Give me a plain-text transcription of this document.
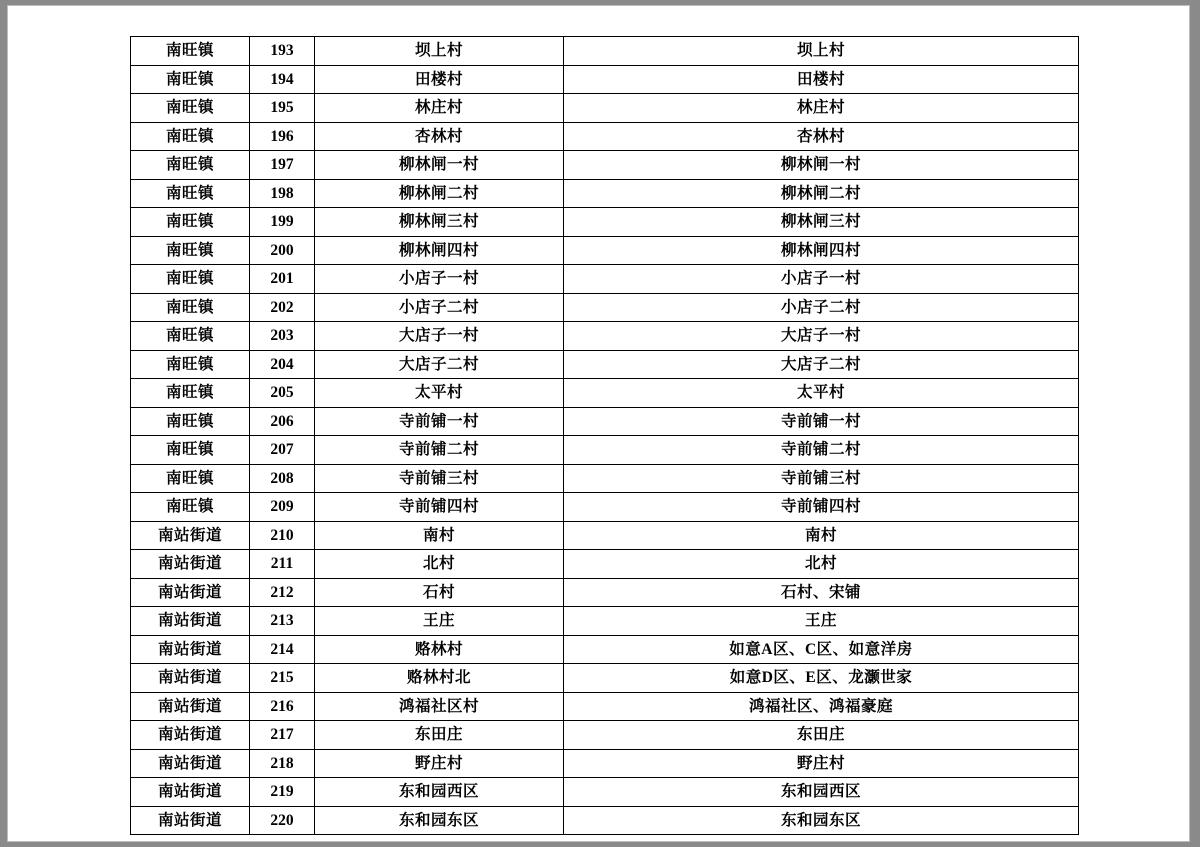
南旺镇	193	坝上村	坝上村
南旺镇	194	田楼村	田楼村
南旺镇	195	林庄村	林庄村
南旺镇	196	杏林村	杏林村
南旺镇	197	柳林闸一村	柳林闸一村
南旺镇	198	柳林闸二村	柳林闸二村
南旺镇	199	柳林闸三村	柳林闸三村
南旺镇	200	柳林闸四村	柳林闸四村
南旺镇	201	小店子一村	小店子一村
南旺镇	202	小店子二村	小店子二村
南旺镇	203	大店子一村	大店子一村
南旺镇	204	大店子二村	大店子二村
南旺镇	205	太平村	太平村
南旺镇	206	寺前铺一村	寺前铺一村
南旺镇	207	寺前铺二村	寺前铺二村
南旺镇	208	寺前铺三村	寺前铺三村
南旺镇	209	寺前铺四村	寺前铺四村
南站街道	210	南村	南村
南站街道	211	北村	北村
南站街道	212	石村	石村、宋铺
南站街道	213	王庄	王庄
南站街道	214	赂林村	如意A区、C区、如意洋房
南站街道	215	赂林村北	如意D区、E区、龙灏世家
南站街道	216	鸿福社区村	鸿福社区、鸿福豪庭
南站街道	217	东田庄	东田庄
南站街道	218	野庄村	野庄村
南站街道	219	东和园西区	东和园西区
南站街道	220	东和园东区	东和园东区
